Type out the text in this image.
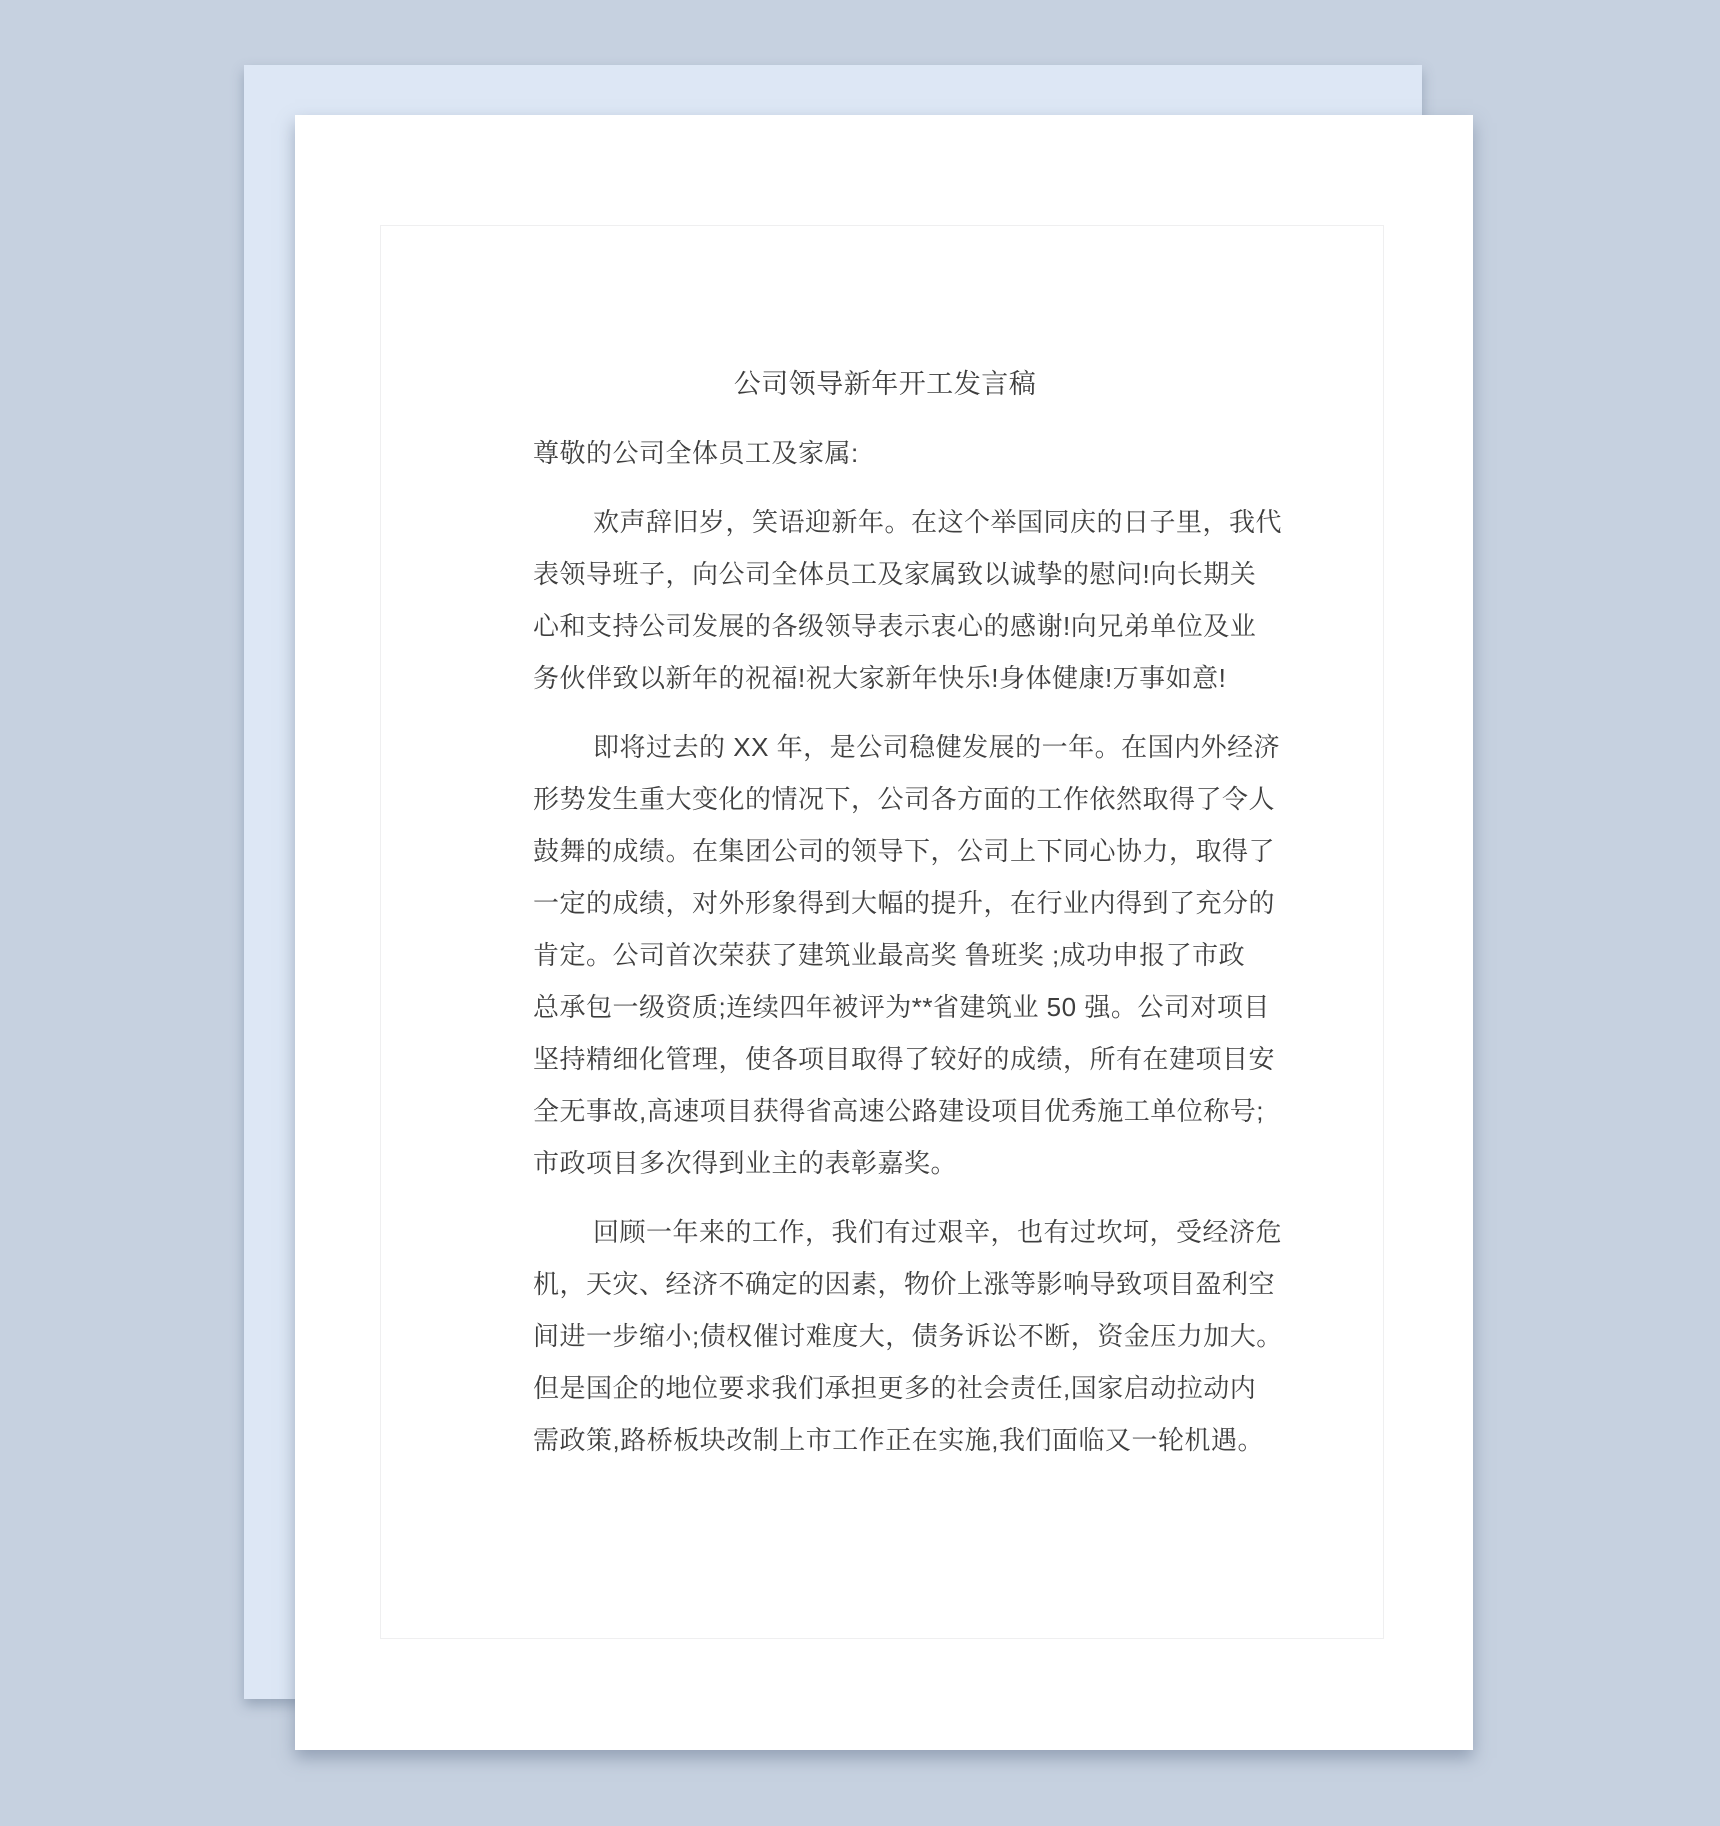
公司领导新年开工发言稿
尊敬的公司全体员工及家属:
欢声辞旧岁，笑语迎新年。在这个举国同庆的日子里，我代
表领导班子，向公司全体员工及家属致以诚挚的慰问!向长期关
心和支持公司发展的各级领导表示衷心的感谢!向兄弟单位及业
务伙伴致以新年的祝福!祝大家新年快乐!身体健康!万事如意!
即将过去的 XX 年，是公司稳健发展的一年。在国内外经济
形势发生重大变化的情况下，公司各方面的工作依然取得了令人
鼓舞的成绩。在集团公司的领导下，公司上下同心协力，取得了
一定的成绩，对外形象得到大幅的提升，在行业内得到了充分的
肯定。公司首次荣获了建筑业最高奖 鲁班奖 ;成功申报了市政
总承包一级资质;连续四年被评为**省建筑业 50 强。公司对项目
坚持精细化管理，使各项目取得了较好的成绩，所有在建项目安
全无事故,高速项目获得省高速公路建设项目优秀施工单位称号;
市政项目多次得到业主的表彰嘉奖。
回顾一年来的工作，我们有过艰辛，也有过坎坷，受经济危
机，天灾、经济不确定的因素，物价上涨等影响导致项目盈利空
间进一步缩小;债权催讨难度大，债务诉讼不断，资金压力加大。
但是国企的地位要求我们承担更多的社会责任,国家启动拉动内
需政策,路桥板块改制上市工作正在实施,我们面临又一轮机遇。
